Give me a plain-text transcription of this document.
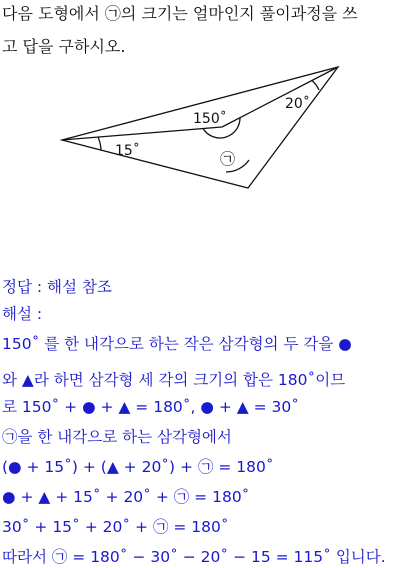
다음 도형에서 ㉠의 크기는 얼마인지 풀이과정을 쓰
고 답을 구하시오.
150˚
20˚
15˚	㉠
정답 : 해설 참조
해설 :
150˚ 를 한 내각으로 하는 작은 삼각형의 두 각을 ●
와 ▲라 하면 삼각형 세 각의 크기의 합은 180˚이므
로 150˚ + ● + ▲ = 180˚, ● + ▲ = 30˚
㉠을 한 내각으로 하는 삼각형에서
(● + 15˚) + (▲ + 20˚) + ㉠ = 180˚
● + ▲ + 15˚ + 20˚ + ㉠ = 180˚
30˚ + 15˚ + 20˚ + ㉠ = 180˚
따라서 ㉠ = 180˚ − 30˚ − 20˚ − 15 = 115˚ 입니다.
